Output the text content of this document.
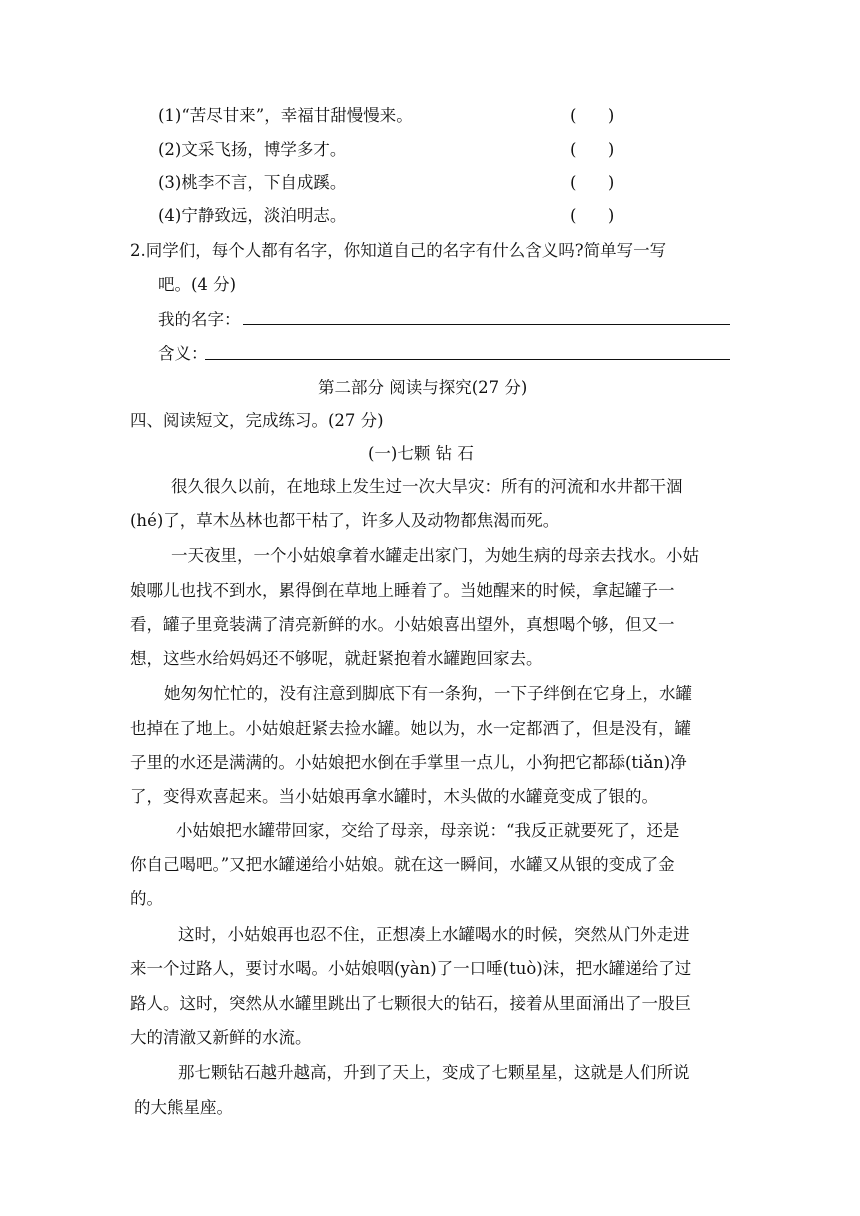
(1)“苦尽甘来”，幸福甘甜慢慢来。	(      )
(2)文采飞扬，博学多才。	(      )
(3)桃李不言，下自成蹊。	(      )
(4)宁静致远，淡泊明志。	(      )
2.同学们，每个人都有名字，你知道自己的名字有什么含义吗?简单写一写
吧。(4 分)
我的名字：
含义：
第二部分 阅读与探究(27 分)
四、阅读短文，完成练习。(27 分)
(一)七颗 钻 石
很久很久以前，在地球上发生过一次大旱灾：所有的河流和水井都干涸
(hé)了，草木丛林也都干枯了，许多人及动物都焦渴而死。
一天夜里，一个小姑娘拿着水罐走出家门，为她生病的母亲去找水。小姑
娘哪儿也找不到水，累得倒在草地上睡着了。当她醒来的时候，拿起罐子一
看，罐子里竟装满了清亮新鲜的水。小姑娘喜出望外，真想喝个够，但又一
想，这些水给妈妈还不够呢，就赶紧抱着水罐跑回家去。
她匆匆忙忙的，没有注意到脚底下有一条狗，一下子绊倒在它身上，水罐
也掉在了地上。小姑娘赶紧去捡水罐。她以为，水一定都洒了，但是没有，罐
子里的水还是满满的。小姑娘把水倒在手掌里一点儿，小狗把它都舔(tiǎn)净
了，变得欢喜起来。当小姑娘再拿水罐时，木头做的水罐竟变成了银的。
小姑娘把水罐带回家，交给了母亲，母亲说：“我反正就要死了，还是
你自己喝吧。”又把水罐递给小姑娘。就在这一瞬间，水罐又从银的变成了金
的。
这时，小姑娘再也忍不住，正想凑上水罐喝水的时候，突然从门外走进
来一个过路人，要讨水喝。小姑娘咽(yàn)了一口唾(tuò)沫，把水罐递给了过
路人。这时，突然从水罐里跳出了七颗很大的钻石，接着从里面涌出了一股巨
大的清澈又新鲜的水流。
那七颗钻石越升越高，升到了天上，变成了七颗星星，这就是人们所说
的大熊星座。
